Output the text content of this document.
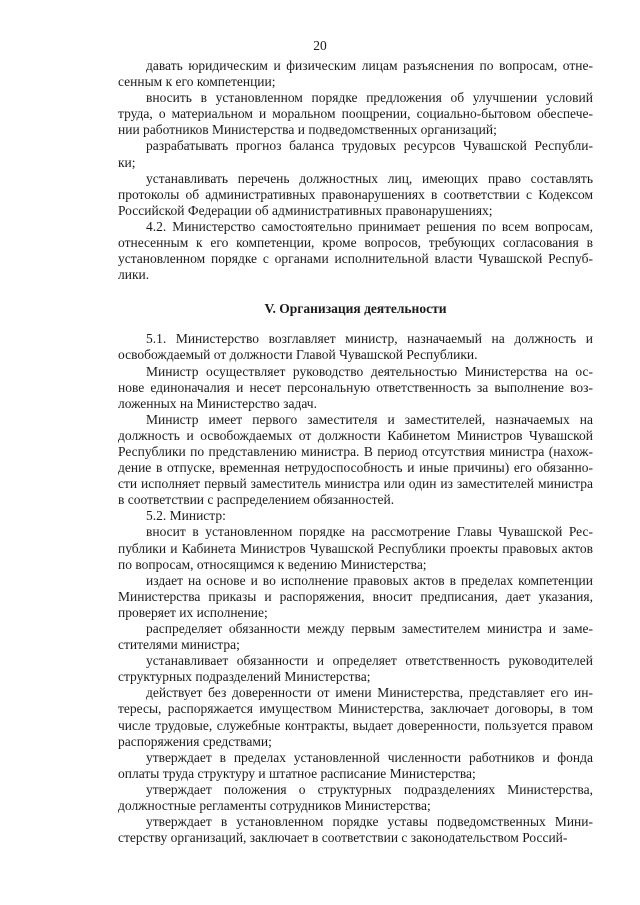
20

давать юридическим и физическим лицам разъяснения по вопросам, отне-

сенным к его компетенции;

вносить в установленном порядке предложения об улучшении условий

труда, о материальном и моральном поощрении, социально-бытовом обеспече-

нии работников Министерства и подведомственных организаций;

разрабатывать прогноз баланса трудовых ресурсов Чувашской Республи-

ки;

устанавливать перечень должностных лиц, имеющих право составлять

протоколы об административных правонарушениях в соответствии с Кодексом

Российской Федерации об административных правонарушениях;

4.2. Министерство самостоятельно принимает решения по всем вопросам,

отнесенным к его компетенции, кроме вопросов, требующих согласования в

установленном порядке с органами исполнительной власти Чувашской Респуб-

лики.

V. Организация деятельности

5.1. Министерство возглавляет министр, назначаемый на должность и

освобождаемый от должности Главой Чувашской Республики.

Министр осуществляет руководство деятельностью Министерства на ос-

нове единоначалия и несет персональную ответственность за выполнение воз-

ложенных на Министерство задач.

Министр имеет первого заместителя и заместителей, назначаемых на

должность и освобождаемых от должности Кабинетом Министров Чувашской

Республики по представлению министра. В период отсутствия министра (нахож-

дение в отпуске, временная нетрудоспособность и иные причины) его обязанно-

сти исполняет первый заместитель министра или один из заместителей министра

в соответствии с распределением обязанностей.

5.2. Министр:

вносит в установленном порядке на рассмотрение Главы Чувашской Рес-

публики и Кабинета Министров Чувашской Республики проекты правовых актов

по вопросам, относящимся к ведению Министерства;

издает на основе и во исполнение правовых актов в пределах компетенции

Министерства приказы и распоряжения, вносит предписания, дает указания,

проверяет их исполнение;

распределяет обязанности между первым заместителем министра и заме-

стителями министра;

устанавливает обязанности и определяет ответственность руководителей

структурных подразделений Министерства;

действует без доверенности от имени Министерства, представляет его ин-

тересы, распоряжается имуществом Министерства, заключает договоры, в том

числе трудовые, служебные контракты, выдает доверенности, пользуется правом

распоряжения средствами;

утверждает в пределах установленной численности работников и фонда

оплаты труда структуру и штатное расписание Министерства;

утверждает положения о структурных подразделениях Министерства,

должностные регламенты сотрудников Министерства;

утверждает в установленном порядке уставы подведомственных Мини-

стерству организаций, заключает в соответствии с законодательством Россий-
